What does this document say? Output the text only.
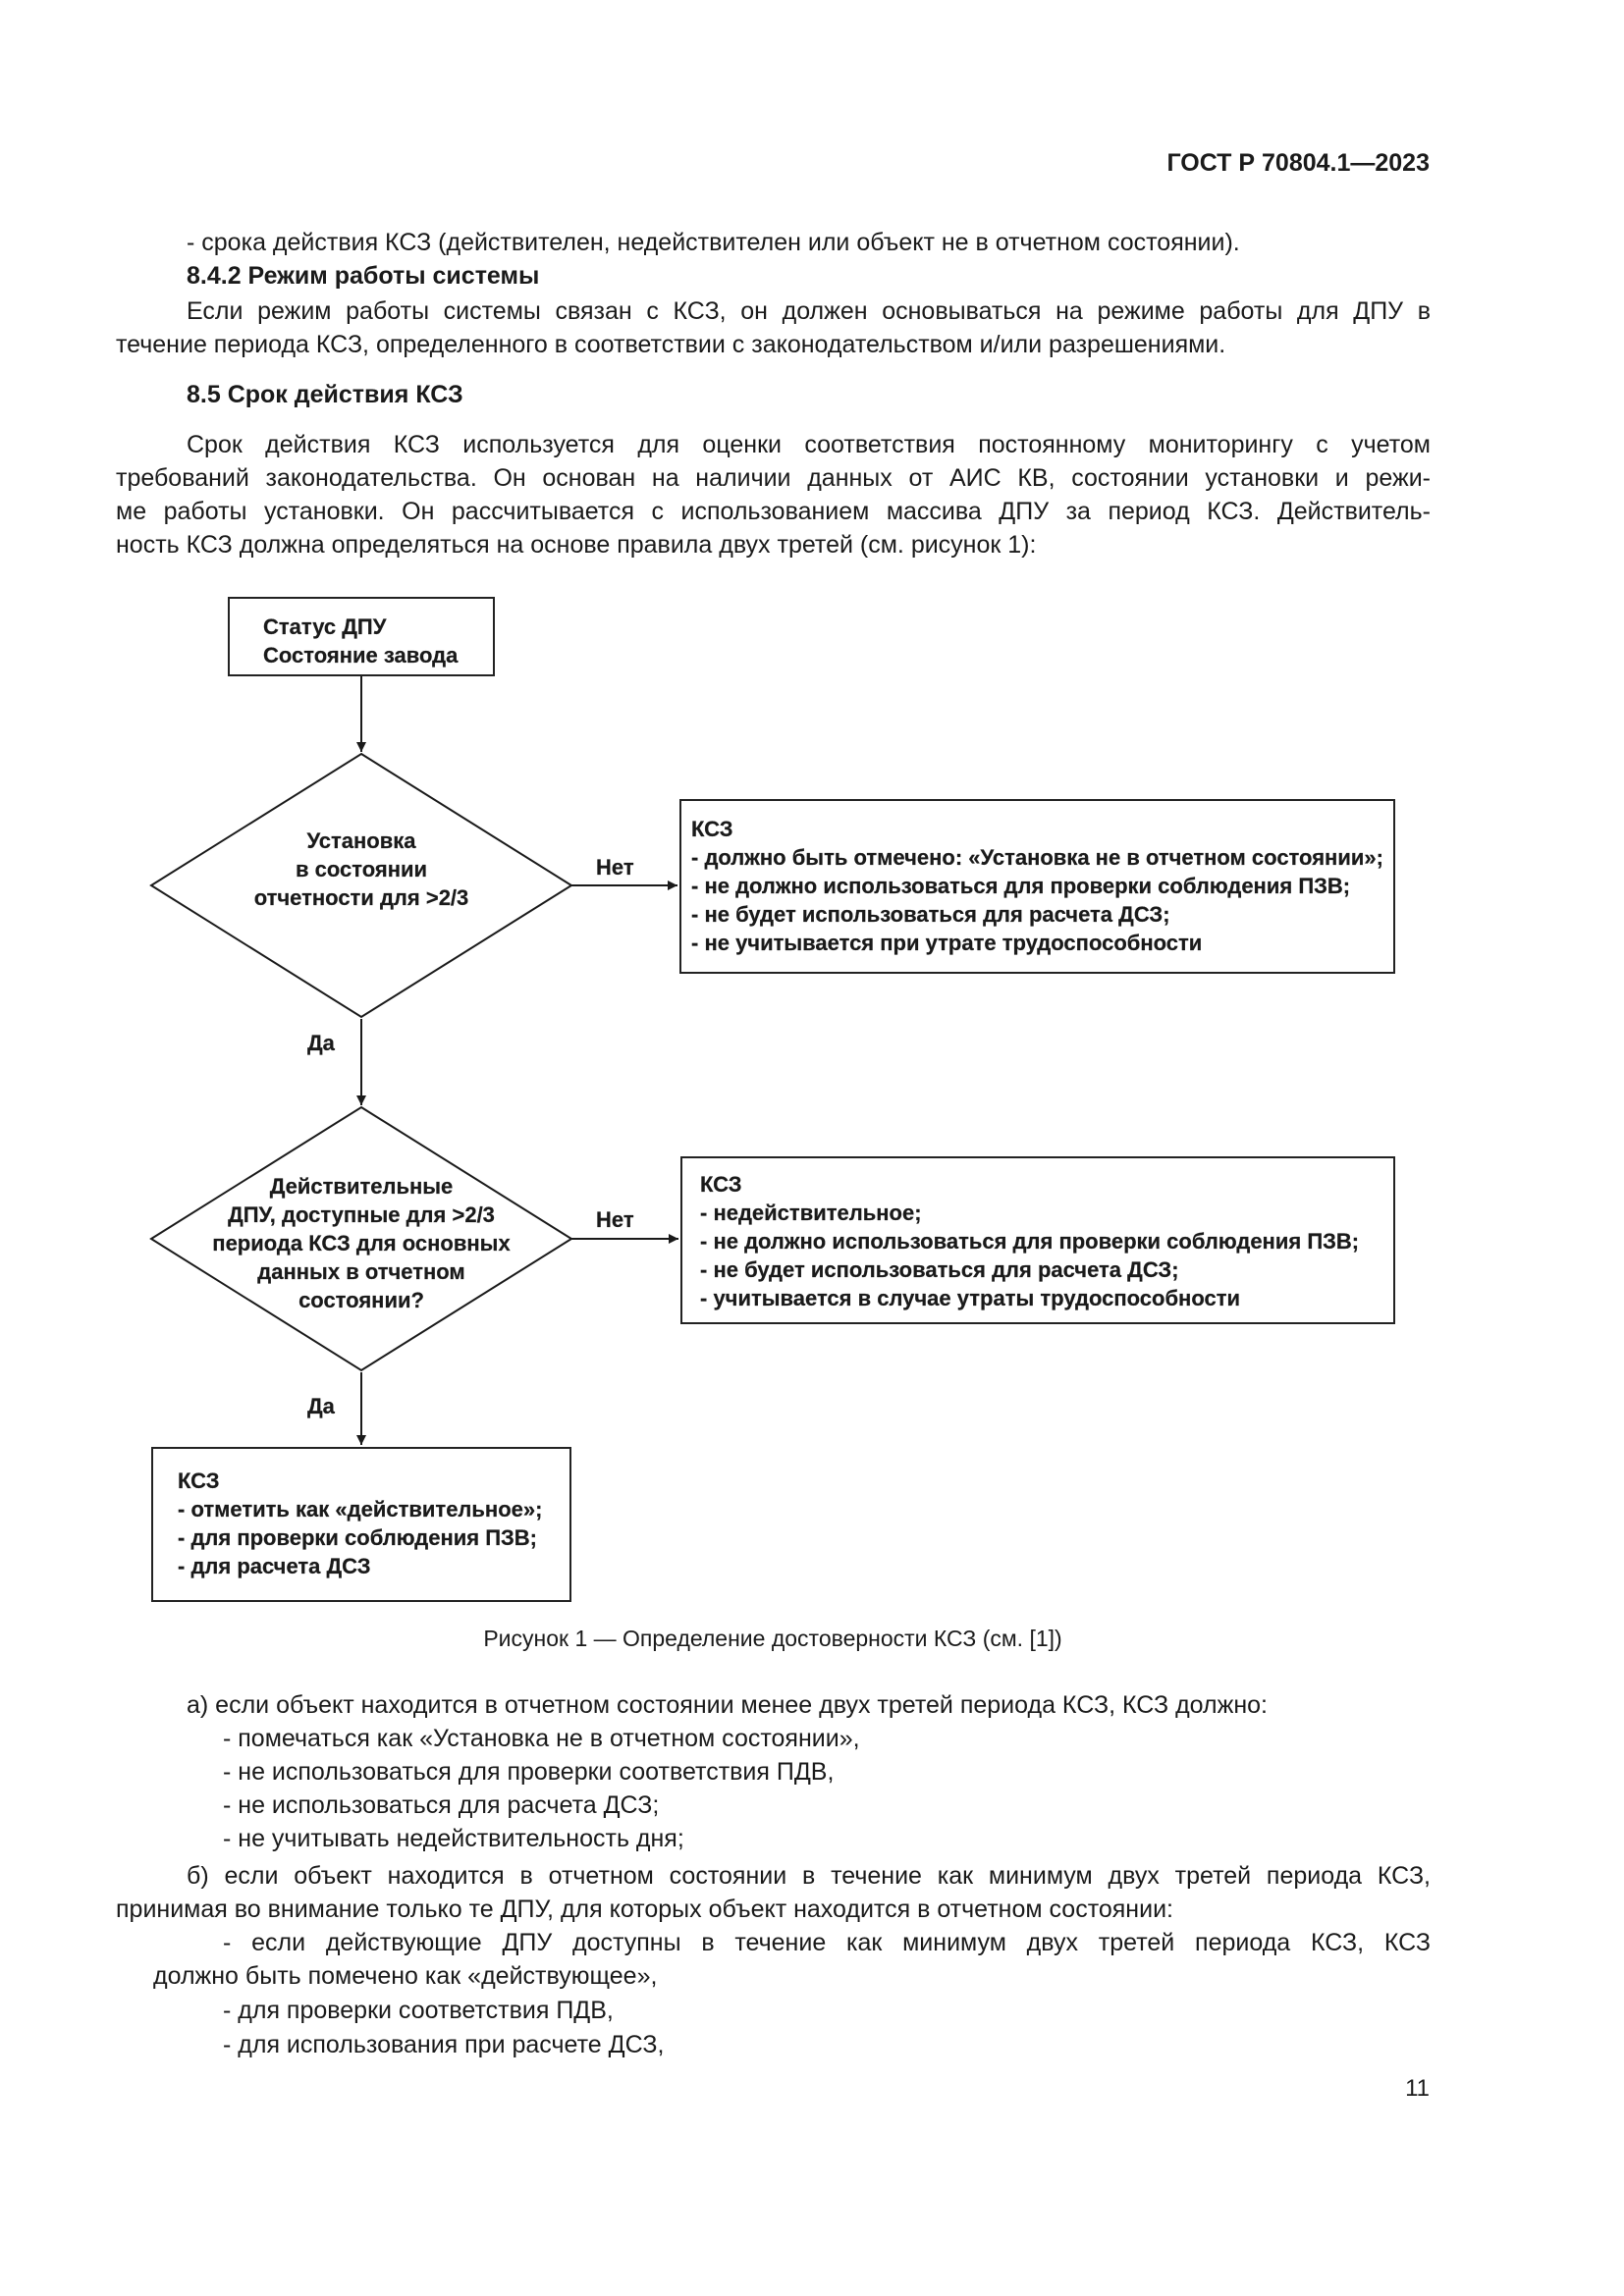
ГОСТ Р 70804.1—2023
- срока действия КСЗ (действителен, недействителен или объект не в отчетном состоянии).
8.4.2 Режим работы системы
Если режим работы системы связан с КСЗ, он должен основываться на режиме работы для ДПУ в
течение периода КСЗ, определенного в соответствии с законодательством и/или разрешениями.
8.5 Срок действия КСЗ
Срок действия КСЗ используется для оценки соответствия постоянному мониторингу с учетом
требований законодательства. Он основан на наличии данных от АИС КВ, состоянии установки и режи-
ме работы установки. Он рассчитывается с использованием массива ДПУ за период КСЗ. Действитель-
ность КСЗ должна определяться на основе правила двух третей (см. рисунок 1):
Статус ДПУ
Состояние завода
Установка
в состоянии
отчетности для >2/3
Действительные
ДПУ, доступные для >2/3
периода КСЗ для основных
данных в отчетном
состоянии?
Нет
Да
Нет
Да
КСЗ
- должно быть отмечено: «Установка не в отчетном состоянии»;
- не должно использоваться для проверки соблюдения ПЗВ;
- не будет использоваться для расчета ДСЗ;
- не учитывается при утрате трудоспособности
КСЗ
- недействительное;
- не должно использоваться для проверки соблюдения ПЗВ;
- не будет использоваться для расчета ДСЗ;
- учитывается в случае утраты трудоспособности
КСЗ
- отметить как «действительное»;
- для проверки соблюдения ПЗВ;
- для расчета ДСЗ
Рисунок 1 — Определение достоверности КСЗ (см. [1])
а) если объект находится в отчетном состоянии менее двух третей периода КСЗ, КСЗ должно:
- помечаться как «Установка не в отчетном состоянии»,
- не использоваться для проверки соответствия ПДВ,
- не использоваться для расчета ДСЗ;
- не учитывать недействительность дня;
б) если объект находится в отчетном состоянии в течение как минимум двух третей периода КСЗ,
принимая во внимание только те ДПУ, для которых объект находится в отчетном состоянии:
- если действующие ДПУ доступны в течение как минимум двух третей периода КСЗ, КСЗ
должно быть помечено как «действующее»,
- для проверки соответствия ПДВ,
- для использования при расчете ДСЗ,
11
